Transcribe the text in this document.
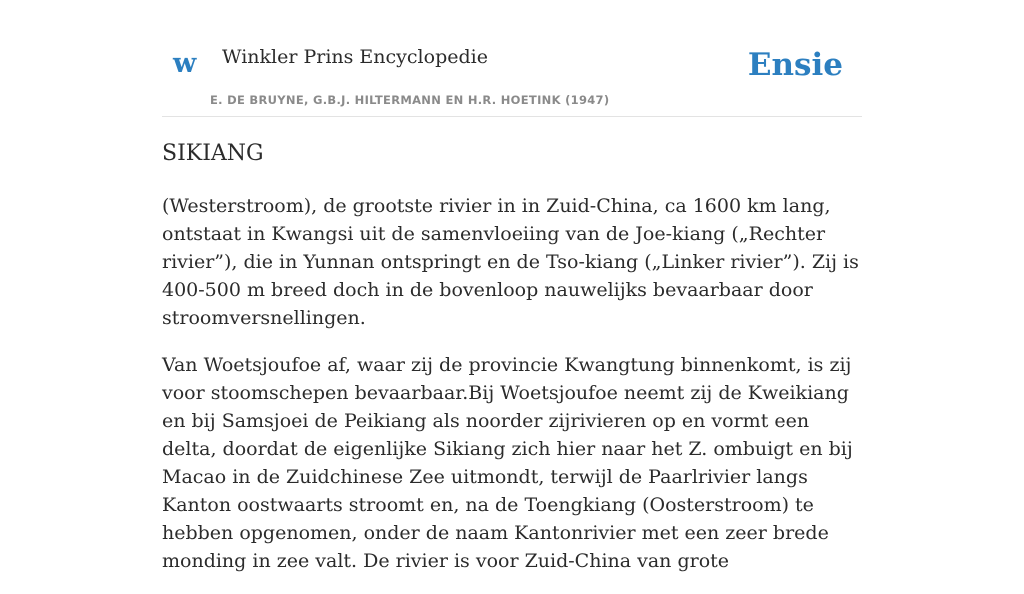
w Winkler Prins Encyclopedie
E. DE BRUYNE, G.B.J. HILTERMANN EN H.R. HOETINK (1947)
Ensie
SIKIANG

(Westerstroom), de grootste rivier in in Zuid-China, ca 1600 km lang, ontstaat in Kwangsi uit de samenvloeiing van de Joe-kiang („Rechter rivier”), die in Yunnan ontspringt en de Tso-kiang („Linker rivier”). Zij is 400-500 m breed doch in de bovenloop nauwelijks bevaarbaar door stroomversnellingen.

Van Woetsjoufoe af, waar zij de provincie Kwangtung binnenkomt, is zij voor stoomschepen bevaarbaar.Bij Woetsjoufoe neemt zij de Kweikiang en bij Samsjoei de Peikiang als noorder zijrivieren op en vormt een delta, doordat de eigenlijke Sikiang zich hier naar het Z. ombuigt en bij Macao in de Zuidchinese Zee uitmondt, terwijl de Paarlrivier langs Kanton oostwaarts stroomt en, na de Toengkiang (Oosterstroom) te hebben opgenomen, onder de naam Kantonrivier met een zeer brede monding in zee valt. De rivier is voor Zuid-China van grote
